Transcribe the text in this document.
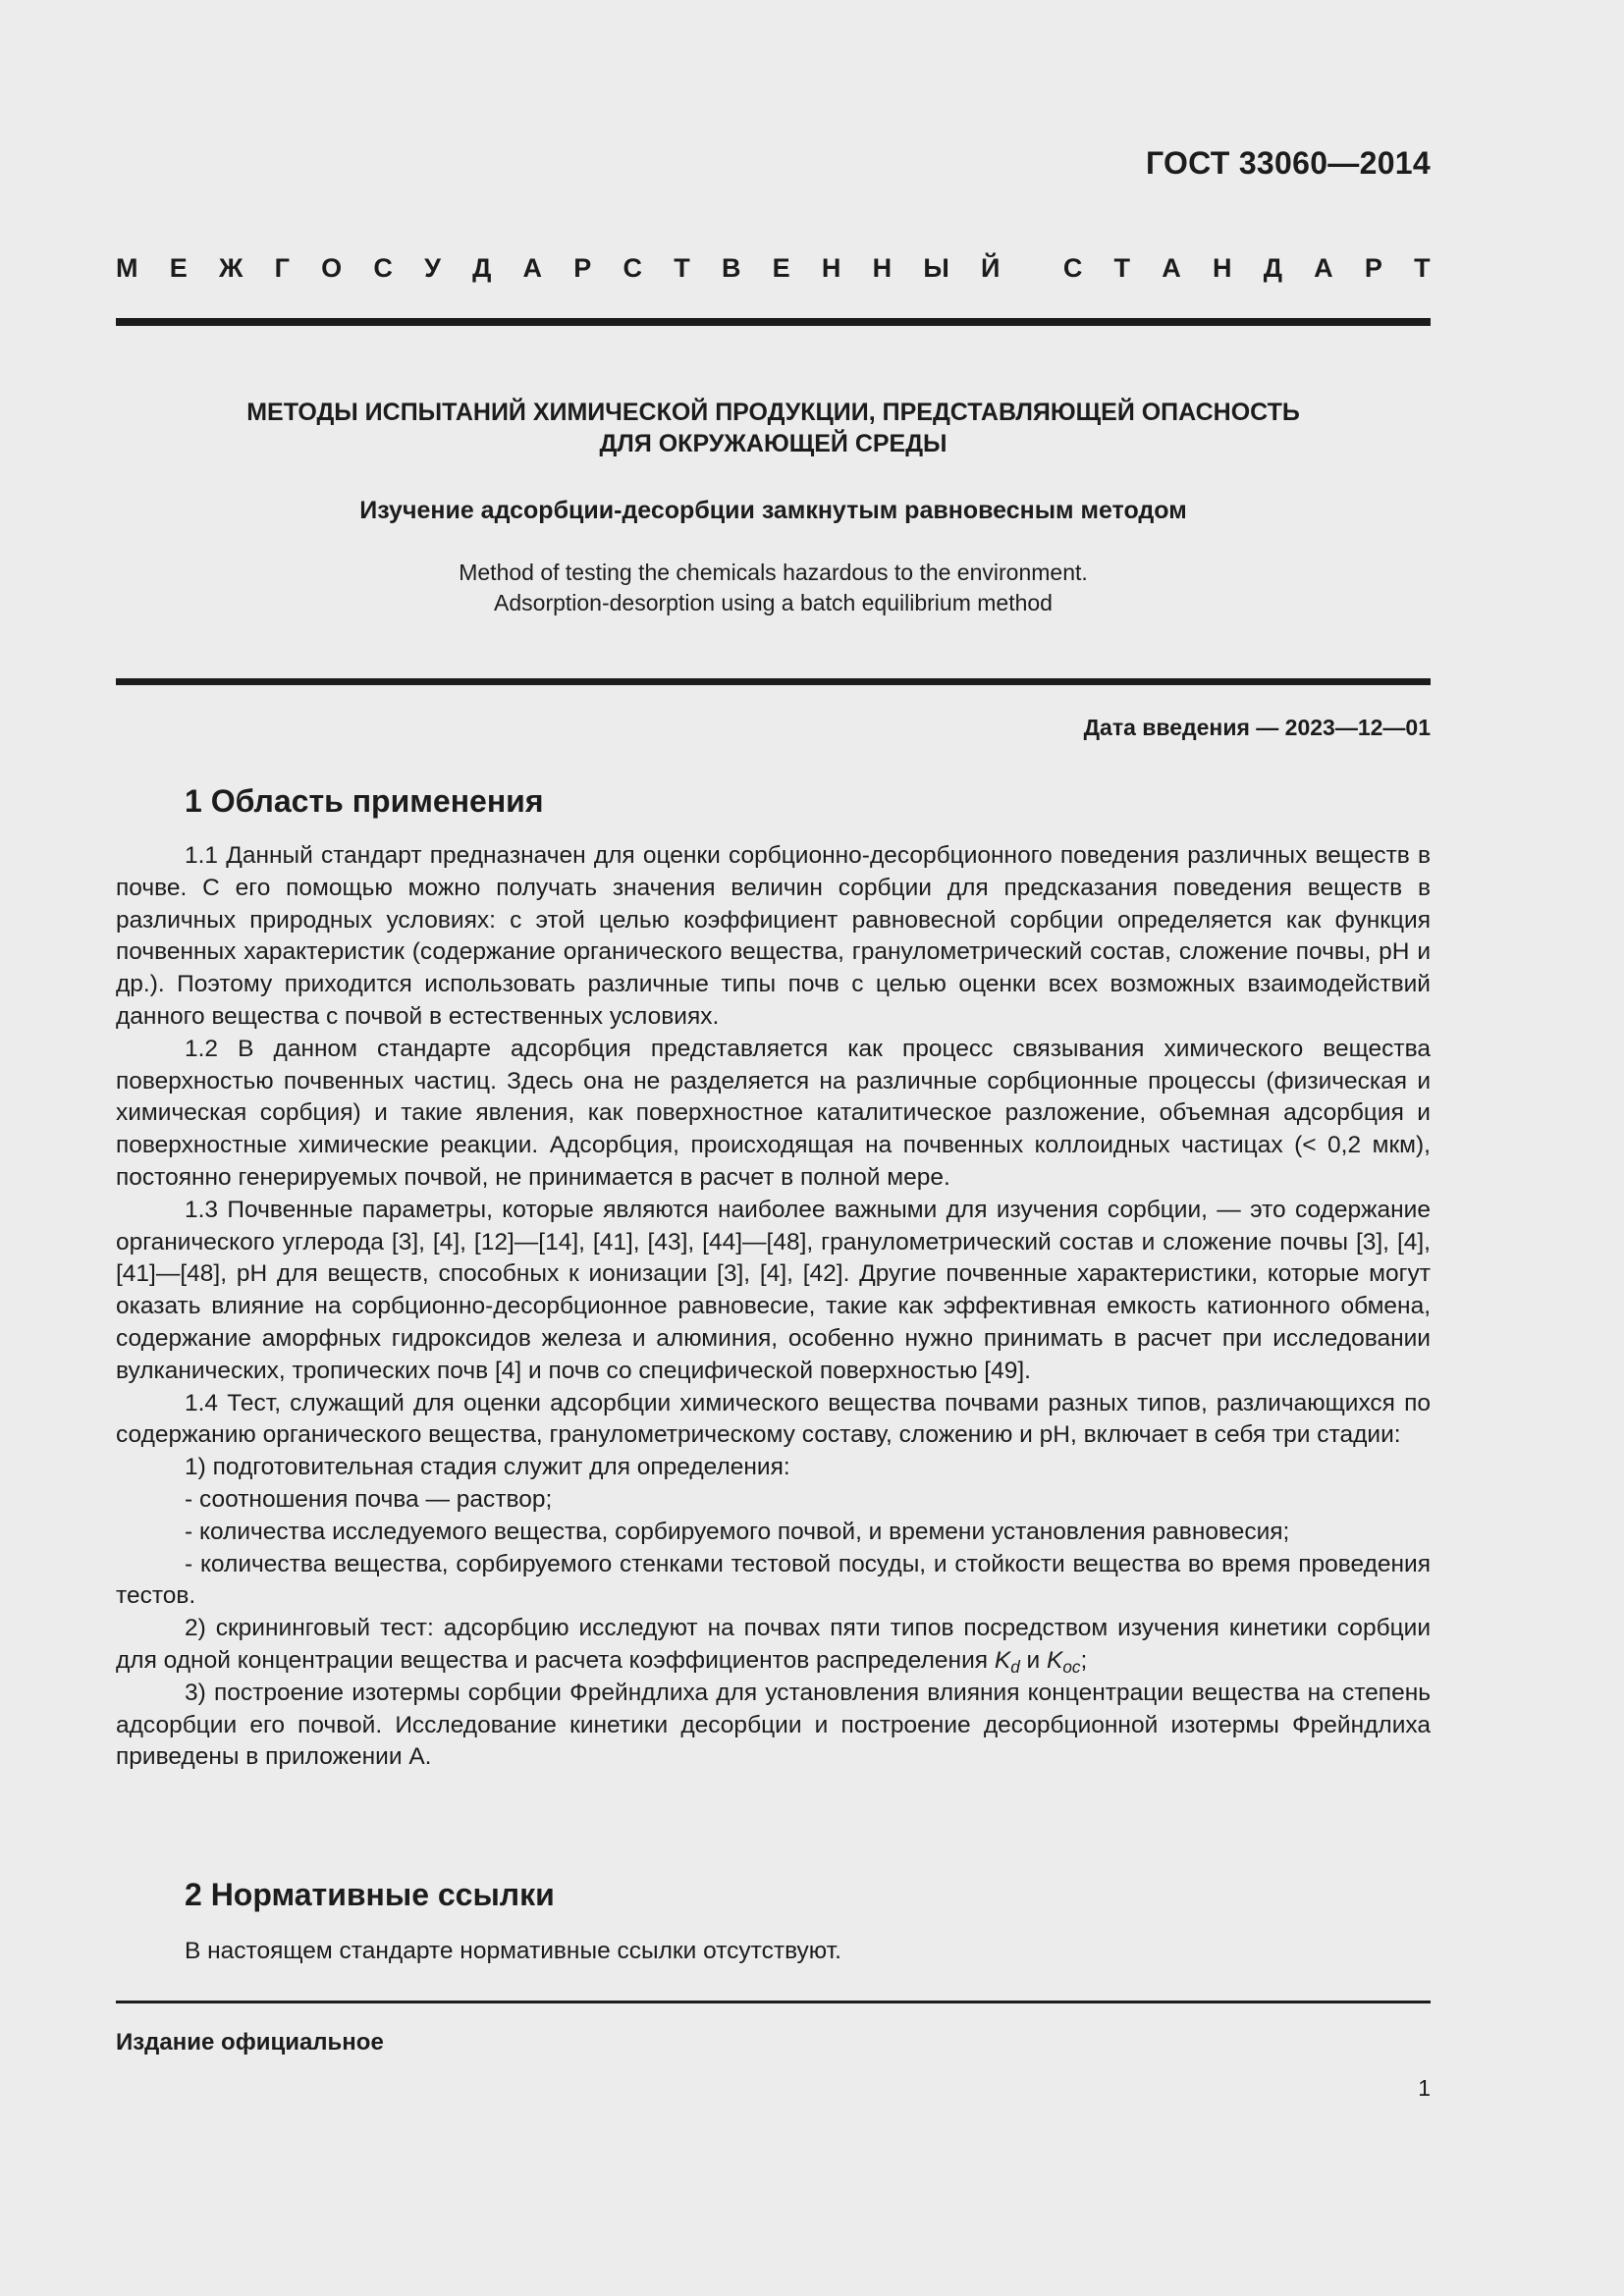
ГОСТ 33060—2014
М Е Ж Г О С У Д А Р С Т В Е Н Н Ы Й С Т А Н Д А Р Т
МЕТОДЫ ИСПЫТАНИЙ ХИМИЧЕСКОЙ ПРОДУКЦИИ, ПРЕДСТАВЛЯЮЩЕЙ ОПАСНОСТЬ
ДЛЯ ОКРУЖАЮЩЕЙ СРЕДЫ
Изучение адсорбции-десорбции замкнутым равновесным методом
Method of testing the chemicals hazardous to the environment.
Adsorption-desorption using a batch equilibrium method
Дата введения — 2023—12—01
1 Область применения

1.1 Данный стандарт предназначен для оценки сорбционно-десорбционного поведения различных веществ в почве. С его помощью можно получать значения величин сорбции для предсказания поведения веществ в различных природных условиях: с этой целью коэффициент равновесной сорбции определяется как функция почвенных характеристик (содержание органического вещества, гранулометрический состав, сложение почвы, pH и др.). Поэтому приходится использовать различные типы почв с целью оценки всех возможных взаимодействий данного вещества с почвой в естественных условиях.

1.2 В данном стандарте адсорбция представляется как процесс связывания химического вещества поверхностью почвенных частиц. Здесь она не разделяется на различные сорбционные процессы (физическая и химическая сорбция) и такие явления, как поверхностное каталитическое разложение, объемная адсорбция и поверхностные химические реакции. Адсорбция, происходящая на почвенных коллоидных частицах (< 0,2 мкм), постоянно генерируемых почвой, не принимается в расчет в полной мере.

1.3 Почвенные параметры, которые являются наиболее важными для изучения сорбции, — это содержание органического углерода [3], [4], [12]—[14], [41], [43], [44]—[48], гранулометрический состав и сложение почвы [3], [4], [41]—[48], pH для веществ, способных к ионизации [3], [4], [42]. Другие почвенные характеристики, которые могут оказать влияние на сорбционно-десорбционное равновесие, такие как эффективная емкость катионного обмена, содержание аморфных гидроксидов железа и алюминия, особенно нужно принимать в расчет при исследовании вулканических, тропических почв [4] и почв со специфической поверхностью [49].

1.4 Тест, служащий для оценки адсорбции химического вещества почвами разных типов, различающихся по содержанию органического вещества, гранулометрическому составу, сложению и pH, включает в себя три стадии:

1) подготовительная стадия служит для определения:

- соотношения почва — раствор;

- количества исследуемого вещества, сорбируемого почвой, и времени установления равновесия;

- количества вещества, сорбируемого стенками тестовой посуды, и стойкости вещества во время проведения тестов.

2) скрининговый тест: адсорбцию исследуют на почвах пяти типов посредством изучения кинетики сорбции для одной концентрации вещества и расчета коэффициентов распределения $K_d$ и $K_{oc}$;

3) построение изотермы сорбции Фрейндлиха для установления влияния концентрации вещества на степень адсорбции его почвой. Исследование кинетики десорбции и построение десорбционной изотермы Фрейндлиха приведены в приложении А.

2 Нормативные ссылки
В настоящем стандарте нормативные ссылки отсутствуют.
Издание официальное
1
